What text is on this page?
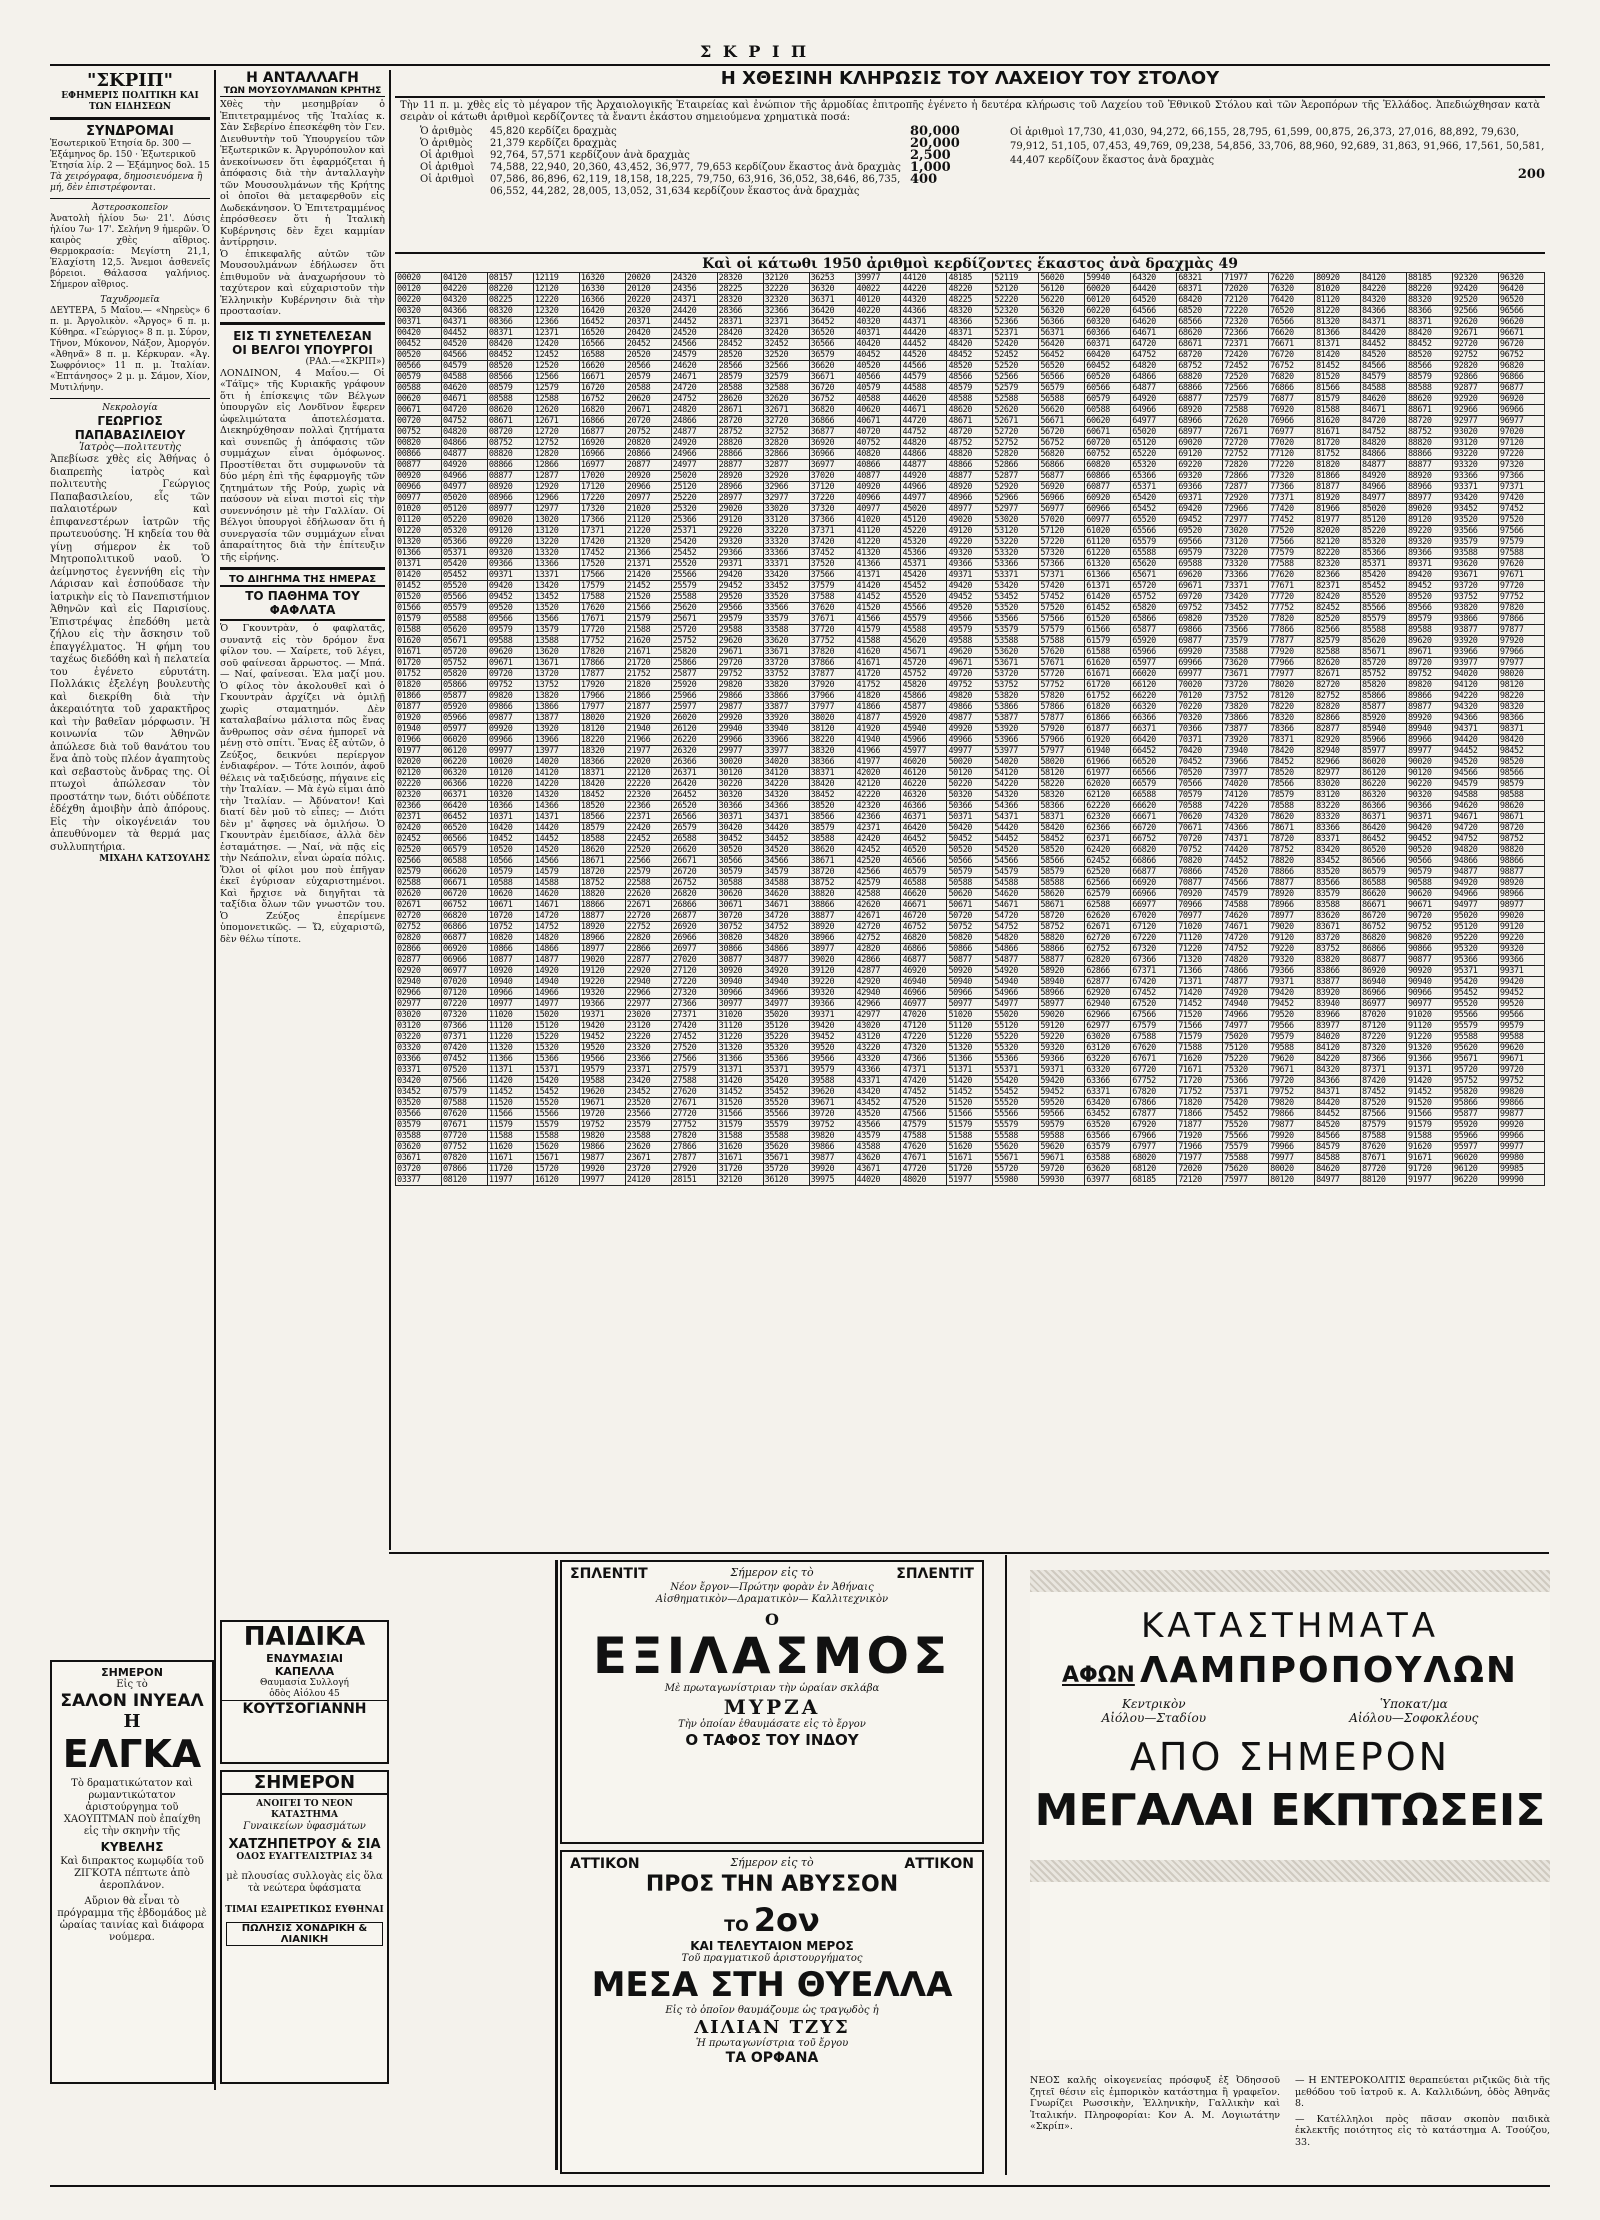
Σ Κ Ρ Ι Π
"ΣΚΡΙΠ"
ΕΦΗΜΕΡΙΣ ΠΟΛΙΤΙΚΗ ΚΑΙ ΤΩΝ ΕΙΔΗΣΕΩΝ
ΣΥΝΔΡΟΜΑΙ
Ἐσωτερικοῦ Ἐτησία δρ. 300 — Ἑξάμηνος δρ. 150 · Ἐξωτερικοῦ Ἐτησία λίρ. 2 — Ἑξάμηνος δολ. 15
Τὰ χειρόγραφα, δημοσιευόμενα ἢ μή, δὲν ἐπιστρέφονται.
Ἀστεροσκοπεῖον
Ἀνατολὴ ἡλίου 5ω· 21'. Δύσις ἡλίου 7ω· 17'. Σελήνη 9 ἡμερῶν. Ὁ καιρὸς χθὲς αἴθριος. Θερμοκρασία: Μεγίστη 21,1, Ἐλαχίστη 12,5. Ἄνεμοι ἀσθενεῖς βόρειοι. Θάλασσα γαλήνιος. Σήμερον αἴθριος.
Ταχυδρομεῖα
ΔΕΥΤΕΡΑ, 5 Μαΐου.— «Νηρεὺς» 6 π. μ. Ἀργολικὸν. «Ἄργος» 6 π. μ. Κύθηρα. «Γεώργιος» 8 π. μ. Σύρον, Τῆνον, Μύκονον, Νάξον, Ἀμοργόν. «Ἀθηνᾶ» 8 π. μ. Κέρκυραν. «Ἀγ. Σωφρόνιος» 11 π. μ. Ἰταλίαν. «Ἑπτάνησος» 2 μ. μ. Σάμον, Χίον, Μυτιλήνην.
Νεκρολογία
ΓΕΩΡΓΙΟΣ ΠΑΠΑΒΑΣΙΛΕΙΟΥ
Ἰατρὸς—πολιτευτὴς
Ἀπεβίωσε χθὲς εἰς Ἀθήνας ὁ διαπρεπὴς ἰατρὸς καὶ πολιτευτὴς Γεώργιος Παπαβασιλείου, εἷς τῶν παλαιοτέρων καὶ ἐπιφανεστέρων ἰατρῶν τῆς πρωτευούσης. Ἡ κηδεία του θὰ γίνῃ σήμερον ἐκ τοῦ Μητροπολιτικοῦ ναοῦ. Ὁ ἀείμνηστος ἐγεννήθη εἰς τὴν Λάρισαν καὶ ἐσπούδασε τὴν ἰατρικὴν εἰς τὸ Πανεπιστήμιον Ἀθηνῶν καὶ εἰς Παρισίους. Ἐπιστρέψας ἐπεδόθη μετὰ ζήλου εἰς τὴν ἄσκησιν τοῦ ἐπαγγέλματος. Ἡ φήμη του ταχέως διεδόθη καὶ ἡ πελατεία του ἐγένετο εὐρυτάτη. Πολλάκις ἐξελέγη βουλευτὴς καὶ διεκρίθη διὰ τὴν ἀκεραιότητα τοῦ χαρακτῆρος καὶ τὴν βαθεῖαν μόρφωσιν. Ἡ κοινωνία τῶν Ἀθηνῶν ἀπώλεσε διὰ τοῦ θανάτου του ἕνα ἀπὸ τοὺς πλέον ἀγαπητοὺς καὶ σεβαστοὺς ἄνδρας της. Οἱ πτωχοὶ ἀπώλεσαν τὸν προστάτην των, διότι οὐδέποτε ἐδέχθη ἀμοιβὴν ἀπὸ ἀπόρους. Εἰς τὴν οἰκογένειάν του ἀπευθύνομεν τὰ θερμά μας συλλυπητήρια.
ΜΙΧΑΗΛ ΚΑΤΣΟΥΛΗΣ
ΣΗΜΕΡΟΝ
Εἰς τὸ
ΣΑΛΟΝ ΙΝΥΕΑΛ
Η
ΕΛΓΚΑ
Τὸ δραματικώτατον καὶ ρωμαντικώτατον ἀριστούργημα τοῦ ΧΑΟΥΠΤΜΑΝ ποὺ ἐπαίχθη εἰς τὴν σκηνὴν τῆς
ΚΥΒΕΛΗΣ
Καὶ διπρακτος κωμῳδία τοῦ ΖΙΓΚΟΤΑ πέπτωτε ἀπὸ ἀεροπλάνον.
Αὔριον θὰ εἶναι τὸ πρόγραμμα τῆς ἑβδομάδος μὲ ὡραίας ταινίας καὶ διάφορα νούμερα.
Η ΑΝΤΑΛΛΑΓΗ
ΤΩΝ ΜΟΥΣΟΥΛΜΑΝΩΝ ΚΡΗΤΗΣ
Χθὲς τὴν μεσημβρίαν ὁ Ἐπιτετραμμένος τῆς Ἰταλίας κ. Σὰν Σεβερίνο ἐπεσκέφθη τὸν Γεν. Διευθυντὴν τοῦ Ὑπουργείου τῶν Ἐξωτερικῶν κ. Ἀργυρόπουλον καὶ ἀνεκοίνωσεν ὅτι ἐφαρμόζεται ἡ ἀπόφασις διὰ τὴν ἀνταλλαγὴν τῶν Μουσουλμάνων τῆς Κρήτης οἱ ὁποῖοι θὰ μεταφερθοῦν εἰς Δωδεκάνησον. Ὁ Ἐπιτετραμμένος ἐπρόσθεσεν ὅτι ἡ Ἰταλικὴ Κυβέρνησις δὲν ἔχει καμμίαν ἀντίρρησιν.
Ὁ ἐπικεφαλῆς αὐτῶν τῶν Μουσουλμάνων ἐδήλωσεν ὅτι ἐπιθυμοῦν νὰ ἀναχωρήσουν τὸ ταχύτερον καὶ εὐχαριστοῦν τὴν Ἑλληνικὴν Κυβέρνησιν διὰ τὴν προστασίαν.
ΕΙΣ ΤΙ ΣΥΝΕΤΕΛΕΣΑΝ
ΟΙ ΒΕΛΓΟΙ ΥΠΟΥΡΓΟΙ
(ΡΑΔ.—«ΣΚΡΙΠ»)
ΛΟΝΔΙΝΟΝ, 4 Μαΐου.— Οἱ «Τάϊμς» τῆς Κυριακῆς γράφουν ὅτι ἡ ἐπίσκεψις τῶν Βέλγων ὑπουργῶν εἰς Λονδῖνον ἔφερεν ὠφελιμώτατα ἀποτελέσματα. Διεκηρύχθησαν πολλαὶ ζητήματα καὶ συνεπῶς ἡ ἀπόφασις τῶν συμμάχων εἶναι ὁμόφωνος. Προστίθεται ὅτι συμφωνοῦν τὰ δύο μέρη ἐπὶ τῆς ἐφαρμογῆς τῶν ζητημάτων τῆς Ρούρ, χωρὶς νὰ παύσουν νὰ εἶναι πιστοὶ εἰς τὴν συνεννόησιν μὲ τὴν Γαλλίαν. Οἱ Βέλγοι ὑπουργοὶ ἐδήλωσαν ὅτι ἡ συνεργασία τῶν συμμάχων εἶναι ἀπαραίτητος διὰ τὴν ἐπίτευξιν τῆς εἰρήνης.
ΤΟ ΔΙΗΓΗΜΑ ΤΗΣ ΗΜΕΡΑΣ
ΤΟ ΠΑΘΗΜΑ ΤΟΥ ΦΑΦΛΑΤΑ
Ὁ Γκουντρὰν, ὁ φαφλατᾶς, συναντᾷ εἰς τὸν δρόμον ἕνα φίλον του. — Χαίρετε, τοῦ λέγει, σοῦ φαίνεσαι ἄρρωστος. — Μπά. — Ναί, φαίνεσαι. Ἐλα μαζί μου. Ὁ φίλος τὸν ἀκολουθεῖ καὶ ὁ Γκουντρὰν ἀρχίζει νὰ ὁμιλῇ χωρὶς σταματημόν. Δὲν καταλαβαίνω μάλιστα πῶς ἕνας ἄνθρωπος σὰν σένα ἠμπορεῖ νὰ μένῃ στὸ σπίτι. Ἔνας ἐξ αὐτῶν, ὁ Ζεύξος, δεικνύει περίεργον ἐνδιαφέρον. — Τότε λοιπόν, ἀφοῦ θέλεις νὰ ταξιδεύσῃς, πήγαινε εἰς τὴν Ἰταλίαν. — Μὰ ἐγὼ εἶμαι ἀπὸ τὴν Ἰταλίαν. — Ἀδύνατον! Καὶ διατί δὲν μοῦ τὸ εἶπες; — Διότι δὲν μ' ἄφησες νὰ ὁμιλήσω. Ὁ Γκουντρὰν ἐμειδίασε, ἀλλὰ δὲν ἐσταμάτησε. — Ναί, νὰ πᾷς εἰς τὴν Νεάπολιν, εἶναι ὡραία πόλις. Ὅλοι οἱ φίλοι μου ποὺ ἐπῆγαν ἐκεῖ ἐγύρισαν εὐχαριστημένοι. Καὶ ἤρχισε νὰ διηγῆται τὰ ταξίδια ὅλων τῶν γνωστῶν του. Ὁ Ζεύξος ἐπερίμενε ὑπομονετικῶς. — Ὤ, εὐχαριστῶ, δὲν θέλω τίποτε.
ΠΑΙΔΙΚΑ
ΕΝΔΥΜΑΣΙΑΙ
ΚΑΠΕΛΛΑ
Θαυμασία Συλλογή
ὁδὸς Αἰόλου 45
ΚΟΥΤΣΟΓΙΑΝΝΗ
ΣΗΜΕΡΟΝ
ΑΝΟΙΓΕΙ ΤΟ ΝΕΟΝ ΚΑΤΑΣΤΗΜΑ
Γυναικείων ὑφασμάτων
ΧΑΤΖΗΠΕΤΡΟΥ & ΣΙΑ
ΟΔΟΣ ΕΥΑΓΓΕΛΙΣΤΡΙΑΣ 34
μὲ πλουσίας συλλογὰς εἰς ὅλα τὰ νεώτερα ὑφάσματα
ΤΙΜΑΙ ΕΞΑΙΡΕΤΙΚΩΣ ΕΥΘΗΝΑΙ
ΠΩΛΗΣΙΣ ΧΟΝΔΡΙΚΗ & ΛΙΑΝΙΚΗ
Η ΧΘΕΣΙΝΗ ΚΛΗΡΩΣΙΣ ΤΟΥ ΛΑΧΕΙΟΥ ΤΟΥ ΣΤΟΛΟΥ
Τὴν 11 π. μ. χθὲς εἰς τὸ μέγαρον τῆς Ἀρχαιολογικῆς Ἑταιρείας καὶ ἐνώπιον τῆς ἁρμοδίας ἐπιτροπῆς ἐγένετο ἡ δευτέρα κλήρωσις τοῦ Λαχείου τοῦ Ἐθνικοῦ Στόλου καὶ τῶν Ἀεροπόρων τῆς Ἑλλάδος. Ἀπεδιώχθησαν κατὰ σειρὰν οἱ κάτωθι ἀριθμοὶ κερδίζοντες τὰ ἔναντι ἑκάστου σημειούμενα χρηματικὰ ποσά:
Ὁ ἀριθμὸς	45,820 κερδίζει δραχμὰς	80,000
Ὁ ἀριθμὸς	21,379 κερδίζει δραχμὰς	20,000
Οἱ ἀριθμοὶ	92,764, 57,571 κερδίζουν ἀνὰ δραχμὰς	2,500
Οἱ ἀριθμοὶ	74,588, 22,940, 20,360, 43,452, 36,977, 79,653 κερδίζουν ἕκαστος ἀνὰ δραχμὰς 1,000
Οἱ ἀριθμοὶ	07,586, 86,896, 62,119, 18,158, 18,225, 79,750, 63,916, 36,052, 38,646, 86,735, 06,552, 44,282, 28,005, 13,052, 31,634 κερδίζουν ἕκαστος ἀνὰ δραχμὰς
400
Οἱ ἀριθμοὶ 17,730, 41,030, 94,272, 66,155, 28,795, 61,599, 00,875, 26,373, 27,016, 88,892, 79,630, 79,912, 51,105, 07,453, 49,769, 09,238, 54,856, 33,706, 88,960, 92,689, 31,863, 91,966, 17,561, 50,581, 44,407 κερδίζουν ἕκαστος ἀνὰ δραχμὰς
200
Καὶ οἱ κάτωθι 1950 ἀριθμοὶ κερδίζοντες ἕκαστος ἀνὰ δραχμὰς 49
00020	04120	08157	12119	16320	20020	24320	28320	32120	36253	39977	44120	48185	52119	56020	59940	64320	68321	71977	76220	80920	84120	88185	92320	96320
00120	04220	08220	12120	16330	20120	24356	28225	32220	36320	40022	44220	48220	52120	56120	60020	64420	68371	72020	76320	81020	84220	88220	92420	96420
00220	04320	08225	12220	16366	20220	24371	28320	32320	36371	40120	44320	48225	52220	56220	60120	64520	68420	72120	76420	81120	84320	88320	92520	96520
00320	04366	08320	12320	16420	20320	24420	28366	32366	36420	40220	44366	48320	52320	56320	60220	64566	68520	72220	76520	81220	84366	88366	92566	96566
00371	04371	08366	12366	16452	20371	24452	28371	32371	36452	40320	44371	48366	52366	56366	60320	64620	68566	72320	76566	81320	84371	88371	92620	96620
00420	04452	08371	12371	16520	20420	24520	28420	32420	36520	40371	44420	48371	52371	56371	60366	64671	68620	72366	76620	81366	84420	88420	92671	96671
00452	04520	08420	12420	16566	20452	24566	28452	32452	36566	40420	44452	48420	52420	56420	60371	64720	68671	72371	76671	81371	84452	88452	92720	96720
00520	04566	08452	12452	16588	20520	24579	28520	32520	36579	40452	44520	48452	52452	56452	60420	64752	68720	72420	76720	81420	84520	88520	92752	96752
00566	04579	08520	12520	16620	20566	24620	28566	32566	36620	40520	44566	48520	52520	56520	60452	64820	68752	72452	76752	81452	84566	88566	92820	96820
00579	04588	08566	12566	16671	20579	24671	28579	32579	36671	40566	44579	48566	52566	56566	60520	64866	68820	72520	76820	81520	84579	88579	92866	96866
00588	04620	08579	12579	16720	20588	24720	28588	32588	36720	40579	44588	48579	52579	56579	60566	64877	68866	72566	76866	81566	84588	88588	92877	96877
00620	04671	08588	12588	16752	20620	24752	28620	32620	36752	40588	44620	48588	52588	56588	60579	64920	68877	72579	76877	81579	84620	88620	92920	96920
00671	04720	08620	12620	16820	20671	24820	28671	32671	36820	40620	44671	48620	52620	56620	60588	64966	68920	72588	76920	81588	84671	88671	92966	96966
00720	04752	08671	12671	16866	20720	24866	28720	32720	36866	40671	44720	48671	52671	56671	60620	64977	68966	72620	76966	81620	84720	88720	92977	96977
00752	04820	08720	12720	16877	20752	24877	28752	32752	36877	40720	44752	48720	52720	56720	60671	65020	68977	72671	76977	81671	84752	88752	93020	97020
00820	04866	08752	12752	16920	20820	24920	28820	32820	36920	40752	44820	48752	52752	56752	60720	65120	69020	72720	77020	81720	84820	88820	93120	97120
00866	04877	08820	12820	16966	20866	24966	28866	32866	36966	40820	44866	48820	52820	56820	60752	65220	69120	72752	77120	81752	84866	88866	93220	97220
00877	04920	08866	12866	16977	20877	24977	28877	32877	36977	40866	44877	48866	52866	56866	60820	65320	69220	72820	77220	81820	84877	88877	93320	97320
00920	04966	08877	12877	17020	20920	25020	28920	32920	37020	40877	44920	48877	52877	56877	60866	65366	69320	72866	77320	81866	84920	88920	93366	97366
00966	04977	08920	12920	17120	20966	25120	28966	32966	37120	40920	44966	48920	52920	56920	60877	65371	69366	72877	77366	81877	84966	88966	93371	97371
00977	05020	08966	12966	17220	20977	25220	28977	32977	37220	40966	44977	48966	52966	56966	60920	65420	69371	72920	77371	81920	84977	88977	93420	97420
01020	05120	08977	12977	17320	21020	25320	29020	33020	37320	40977	45020	48977	52977	56977	60966	65452	69420	72966	77420	81966	85020	89020	93452	97452
01120	05220	09020	13020	17366	21120	25366	29120	33120	37366	41020	45120	49020	53020	57020	60977	65520	69452	72977	77452	81977	85120	89120	93520	97520
01220	05320	09120	13120	17371	21220	25371	29220	33220	37371	41120	45220	49120	53120	57120	61020	65566	69520	73020	77520	82020	85220	89220	93566	97566
01320	05366	09220	13220	17420	21320	25420	29320	33320	37420	41220	45320	49220	53220	57220	61120	65579	69566	73120	77566	82120	85320	89320	93579	97579
01366	05371	09320	13320	17452	21366	25452	29366	33366	37452	41320	45366	49320	53320	57320	61220	65588	69579	73220	77579	82220	85366	89366	93588	97588
01371	05420	09366	13366	17520	21371	25520	29371	33371	37520	41366	45371	49366	53366	57366	61320	65620	69588	73320	77588	82320	85371	89371	93620	97620
01420	05452	09371	13371	17566	21420	25566	29420	33420	37566	41371	45420	49371	53371	57371	61366	65671	69620	73366	77620	82366	85420	89420	93671	97671
01452	05520	09420	13420	17579	21452	25579	29452	33452	37579	41420	45452	49420	53420	57420	61371	65720	69671	73371	77671	82371	85452	89452	93720	97720
01520	05566	09452	13452	17588	21520	25588	29520	33520	37588	41452	45520	49452	53452	57452	61420	65752	69720	73420	77720	82420	85520	89520	93752	97752
01566	05579	09520	13520	17620	21566	25620	29566	33566	37620	41520	45566	49520	53520	57520	61452	65820	69752	73452	77752	82452	85566	89566	93820	97820
01579	05588	09566	13566	17671	21579	25671	29579	33579	37671	41566	45579	49566	53566	57566	61520	65866	69820	73520	77820	82520	85579	89579	93866	97866
01588	05620	09579	13579	17720	21588	25720	29588	33588	37720	41579	45588	49579	53579	57579	61566	65877	69866	73566	77866	82566	85588	89588	93877	97877
01620	05671	09588	13588	17752	21620	25752	29620	33620	37752	41588	45620	49588	53588	57588	61579	65920	69877	73579	77877	82579	85620	89620	93920	97920
01671	05720	09620	13620	17820	21671	25820	29671	33671	37820	41620	45671	49620	53620	57620	61588	65966	69920	73588	77920	82588	85671	89671	93966	97966
01720	05752	09671	13671	17866	21720	25866	29720	33720	37866	41671	45720	49671	53671	57671	61620	65977	69966	73620	77966	82620	85720	89720	93977	97977
01752	05820	09720	13720	17877	21752	25877	29752	33752	37877	41720	45752	49720	53720	57720	61671	66020	69977	73671	77977	82671	85752	89752	94020	98020
01820	05866	09752	13752	17920	21820	25920	29820	33820	37920	41752	45820	49752	53752	57752	61720	66120	70020	73720	78020	82720	85820	89820	94120	98120
01866	05877	09820	13820	17966	21866	25966	29866	33866	37966	41820	45866	49820	53820	57820	61752	66220	70120	73752	78120	82752	85866	89866	94220	98220
01877	05920	09866	13866	17977	21877	25977	29877	33877	37977	41866	45877	49866	53866	57866	61820	66320	70220	73820	78220	82820	85877	89877	94320	98320
01920	05966	09877	13877	18020	21920	26020	29920	33920	38020	41877	45920	49877	53877	57877	61866	66366	70320	73866	78320	82866	85920	89920	94366	98366
01940	05977	09920	13920	18120	21940	26120	29940	33940	38120	41920	45940	49920	53920	57920	61877	66371	70366	73877	78366	82877	85940	89940	94371	98371
01966	06020	09966	13966	18220	21966	26220	29966	33966	38220	41940	45966	49966	53966	57966	61920	66420	70371	73920	78371	82920	85966	89966	94420	98420
01977	06120	09977	13977	18320	21977	26320	29977	33977	38320	41966	45977	49977	53977	57977	61940	66452	70420	73940	78420	82940	85977	89977	94452	98452
02020	06220	10020	14020	18366	22020	26366	30020	34020	38366	41977	46020	50020	54020	58020	61966	66520	70452	73966	78452	82966	86020	90020	94520	98520
02120	06320	10120	14120	18371	22120	26371	30120	34120	38371	42020	46120	50120	54120	58120	61977	66566	70520	73977	78520	82977	86120	90120	94566	98566
02220	06366	10220	14220	18420	22220	26420	30220	34220	38420	42120	46220	50220	54220	58220	62020	66579	70566	74020	78566	83020	86220	90220	94579	98579
02320	06371	10320	14320	18452	22320	26452	30320	34320	38452	42220	46320	50320	54320	58320	62120	66588	70579	74120	78579	83120	86320	90320	94588	98588
02366	06420	10366	14366	18520	22366	26520	30366	34366	38520	42320	46366	50366	54366	58366	62220	66620	70588	74220	78588	83220	86366	90366	94620	98620
02371	06452	10371	14371	18566	22371	26566	30371	34371	38566	42366	46371	50371	54371	58371	62320	66671	70620	74320	78620	83320	86371	90371	94671	98671
02420	06520	10420	14420	18579	22420	26579	30420	34420	38579	42371	46420	50420	54420	58420	62366	66720	70671	74366	78671	83366	86420	90420	94720	98720
02452	06566	10452	14452	18588	22452	26588	30452	34452	38588	42420	46452	50452	54452	58452	62371	66752	70720	74371	78720	83371	86452	90452	94752	98752
02520	06579	10520	14520	18620	22520	26620	30520	34520	38620	42452	46520	50520	54520	58520	62420	66820	70752	74420	78752	83420	86520	90520	94820	98820
02566	06588	10566	14566	18671	22566	26671	30566	34566	38671	42520	46566	50566	54566	58566	62452	66866	70820	74452	78820	83452	86566	90566	94866	98866
02579	06620	10579	14579	18720	22579	26720	30579	34579	38720	42566	46579	50579	54579	58579	62520	66877	70866	74520	78866	83520	86579	90579	94877	98877
02588	06671	10588	14588	18752	22588	26752	30588	34588	38752	42579	46588	50588	54588	58588	62566	66920	70877	74566	78877	83566	86588	90588	94920	98920
02620	06720	10620	14620	18820	22620	26820	30620	34620	38820	42588	46620	50620	54620	58620	62579	66966	70920	74579	78920	83579	86620	90620	94966	98966
02671	06752	10671	14671	18866	22671	26866	30671	34671	38866	42620	46671	50671	54671	58671	62588	66977	70966	74588	78966	83588	86671	90671	94977	98977
02720	06820	10720	14720	18877	22720	26877	30720	34720	38877	42671	46720	50720	54720	58720	62620	67020	70977	74620	78977	83620	86720	90720	95020	99020
02752	06866	10752	14752	18920	22752	26920	30752	34752	38920	42720	46752	50752	54752	58752	62671	67120	71020	74671	79020	83671	86752	90752	95120	99120
02820	06877	10820	14820	18966	22820	26966	30820	34820	38966	42752	46820	50820	54820	58820	62720	67220	71120	74720	79120	83720	86820	90820	95220	99220
02866	06920	10866	14866	18977	22866	26977	30866	34866	38977	42820	46866	50866	54866	58866	62752	67320	71220	74752	79220	83752	86866	90866	95320	99320
02877	06966	10877	14877	19020	22877	27020	30877	34877	39020	42866	46877	50877	54877	58877	62820	67366	71320	74820	79320	83820	86877	90877	95366	99366
02920	06977	10920	14920	19120	22920	27120	30920	34920	39120	42877	46920	50920	54920	58920	62866	67371	71366	74866	79366	83866	86920	90920	95371	99371
02940	07020	10940	14940	19220	22940	27220	30940	34940	39220	42920	46940	50940	54940	58940	62877	67420	71371	74877	79371	83877	86940	90940	95420	99420
02966	07120	10966	14966	19320	22966	27320	30966	34966	39320	42940	46966	50966	54966	58966	62920	67452	71420	74920	79420	83920	86966	90966	95452	99452
02977	07220	10977	14977	19366	22977	27366	30977	34977	39366	42966	46977	50977	54977	58977	62940	67520	71452	74940	79452	83940	86977	90977	95520	99520
03020	07320	11020	15020	19371	23020	27371	31020	35020	39371	42977	47020	51020	55020	59020	62966	67566	71520	74966	79520	83966	87020	91020	95566	99566
03120	07366	11120	15120	19420	23120	27420	31120	35120	39420	43020	47120	51120	55120	59120	62977	67579	71566	74977	79566	83977	87120	91120	95579	99579
03220	07371	11220	15220	19452	23220	27452	31220	35220	39452	43120	47220	51220	55220	59220	63020	67588	71579	75020	79579	84020	87220	91220	95588	99588
03320	07420	11320	15320	19520	23320	27520	31320	35320	39520	43220	47320	51320	55320	59320	63120	67620	71588	75120	79588	84120	87320	91320	95620	99620
03366	07452	11366	15366	19566	23366	27566	31366	35366	39566	43320	47366	51366	55366	59366	63220	67671	71620	75220	79620	84220	87366	91366	95671	99671
03371	07520	11371	15371	19579	23371	27579	31371	35371	39579	43366	47371	51371	55371	59371	63320	67720	71671	75320	79671	84320	87371	91371	95720	99720
03420	07566	11420	15420	19588	23420	27588	31420	35420	39588	43371	47420	51420	55420	59420	63366	67752	71720	75366	79720	84366	87420	91420	95752	99752
03452	07579	11452	15452	19620	23452	27620	31452	35452	39620	43420	47452	51452	55452	59452	63371	67820	71752	75371	79752	84371	87452	91452	95820	99820
03520	07588	11520	15520	19671	23520	27671	31520	35520	39671	43452	47520	51520	55520	59520	63420	67866	71820	75420	79820	84420	87520	91520	95866	99866
03566	07620	11566	15566	19720	23566	27720	31566	35566	39720	43520	47566	51566	55566	59566	63452	67877	71866	75452	79866	84452	87566	91566	95877	99877
03579	07671	11579	15579	19752	23579	27752	31579	35579	39752	43566	47579	51579	55579	59579	63520	67920	71877	75520	79877	84520	87579	91579	95920	99920
03588	07720	11588	15588	19820	23588	27820	31588	35588	39820	43579	47588	51588	55588	59588	63566	67966	71920	75566	79920	84566	87588	91588	95966	99966
03620	07752	11620	15620	19866	23620	27866	31620	35620	39866	43588	47620	51620	55620	59620	63579	67977	71966	75579	79966	84579	87620	91620	95977	99977
03671	07820	11671	15671	19877	23671	27877	31671	35671	39877	43620	47671	51671	55671	59671	63588	68020	71977	75588	79977	84588	87671	91671	96020	99980
03720	07866	11720	15720	19920	23720	27920	31720	35720	39920	43671	47720	51720	55720	59720	63620	68120	72020	75620	80020	84620	87720	91720	96120	99985
03377	08120	11977	16120	19977	24120	28151	32120	36120	39975	44020	48020	51977	55980	59930	63977	68185	72120	75977	80120	84977	88120	91977	96220	99990
ΣΠΛΕΝΤΙΤ	Σήμερον εἰς τὸ	ΣΠΛΕΝΤΙΤ
Νέον ἔργον—Πρώτην φορὰν ἐν Ἀθήναις
Αἰσθηματικὸν—Δραματικὸν— Καλλιτεχνικὸν
Ο
ΕΞΙΛΑΣΜΟΣ
Μὲ πρωταγωνίστριαν τὴν ὡραίαν σκλάβα
ΜΥΡΖΑ
Τὴν ὁποίαν ἐθαυμάσατε εἰς τὸ ἔργον
Ο ΤΑΦΟΣ ΤΟΥ ΙΝΔΟΥ
ΑΤΤΙΚΟΝ	Σήμερον εἰς τὸ	ΑΤΤΙΚΟΝ
ΠΡΟΣ ΤΗΝ ΑΒΥΣΣΟΝ
ΤΟ 2ον
ΚΑΙ ΤΕΛΕΥΤΑΙΟΝ ΜΕΡΟΣ
Τοῦ πραγματικοῦ ἀριστουργήματος
ΜΕΣΑ ΣΤΗ ΘΥΕΛΛΑ
Εἰς τὸ ὁποῖον θαυμάζουμε ὡς τραγῳδὸς ἡ
ΛΙΛΙΑΝ ΤΖΥΣ
Ἡ πρωταγωνίστρια τοῦ ἔργου
ΤΑ ΟΡΦΑΝΑ
ΚΑΤΑΣΤΗΜΑΤΑ
ΑΦΩΝ ΛΑΜΠΡΟΠΟΥΛΩΝ
Κεντρικὸν
Αἰόλου—Σταδίου
Ὑποκατ/μα
Αἰόλου—Σοφοκλέους
ΑΠΟ ΣΗΜΕΡΟΝ
ΜΕΓΑΛΑΙ ΕΚΠΤΩΣΕΙΣ
ΝΕΟΣ καλῆς οἰκογενείας πρόσφυξ ἐξ Ὀδησσοῦ ζητεῖ θέσιν εἰς ἐμπορικὸν κατάστημα ἢ γραφεῖον. Γνωρίζει Ρωσσικὴν, Ἑλληνικὴν, Γαλλικὴν καὶ Ἰταλικήν. Πληροφορίαι: Κον Α. Μ. Λογιωτάτην «Σκρίπ».
— Η ΕΝΤΕΡΟΚΟΛΙΤΙΣ θεραπεύεται ριζικῶς διὰ τῆς μεθόδου τοῦ ἰατροῦ κ. Α. Καλλιδώνη, ὁδὸς Ἀθηνᾶς 8.
— Κατέλληλοι πρὸς πᾶσαν σκοπὸν παιδικὰ ἐκλεκτῆς ποιότητος εἰς τὸ κατάστημα Α. Τσούζου, 33.
